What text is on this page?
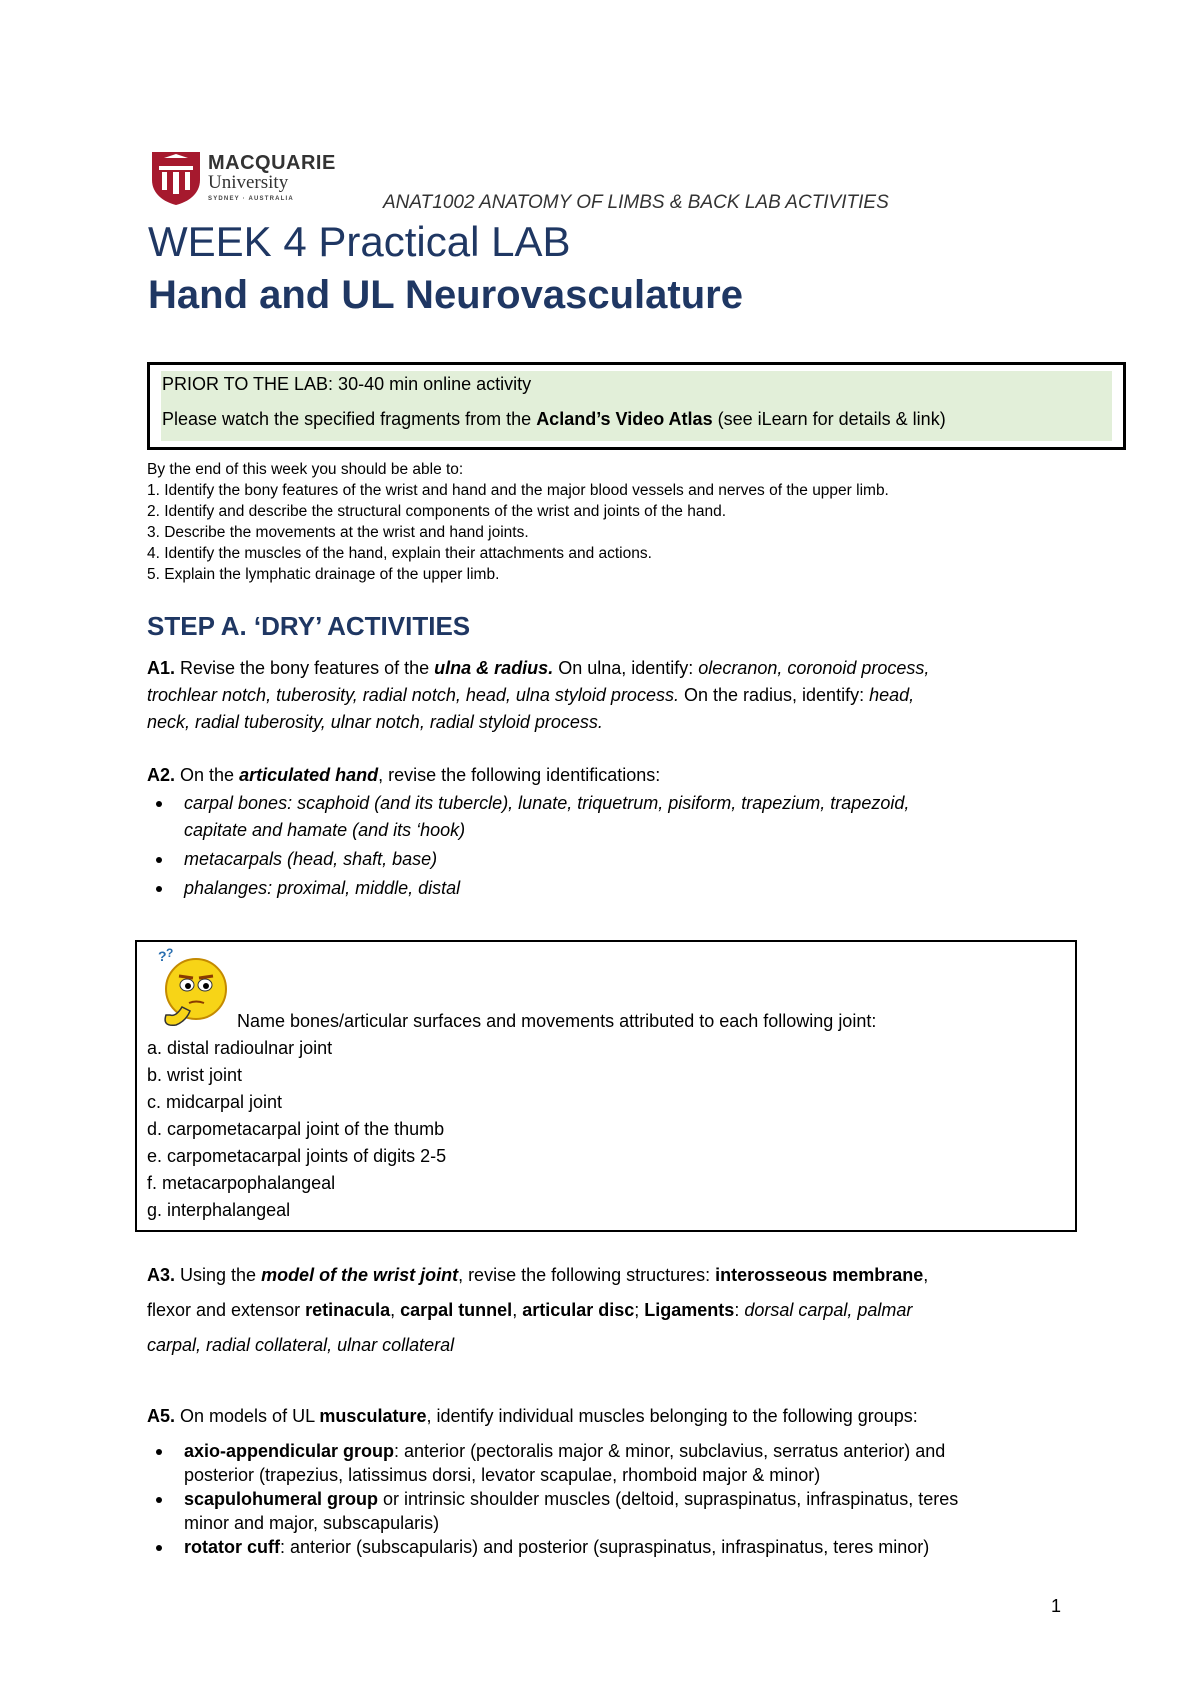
MACQUARIE
University
SYDNEY · AUSTRALIA	ANAT1002 ANATOMY OF LIMBS & BACK LAB ACTIVITIES
WEEK 4 Practical LAB
Hand and UL Neurovasculature
PRIOR TO THE LAB: 30-40 min online activity
Please watch the specified fragments from the Acland’s Video Atlas (see iLearn for details & link)
By the end of this week you should be able to:
1. Identify the bony features of the wrist and hand and the major blood vessels and nerves of the upper limb.
2. Identify and describe the structural components of the wrist and joints of the hand.
3. Describe the movements at the wrist and hand joints.
4. Identify the muscles of the hand, explain their attachments and actions.
5. Explain the lymphatic drainage of the upper limb.
STEP A. ‘DRY’ ACTIVITIES
A1. Revise the bony features of the ulna & radius. On ulna, identify: olecranon, coronoid process,
trochlear notch, tuberosity, radial notch, head, ulna styloid process. On the radius, identify: head,
neck, radial tuberosity, ulnar notch, radial styloid process.
A2. On the articulated hand, revise the following identifications:
carpal bones: scaphoid (and its tubercle), lunate, triquetrum, pisiform, trapezium, trapezoid,
capitate and hamate (and its ‘hook)
metacarpals (head, shaft, base)
phalanges: proximal, middle, distal
? ?
Name bones/articular surfaces and movements attributed to each following joint:
a. distal radioulnar joint
b. wrist joint
c. midcarpal joint
d. carpometacarpal joint of the thumb
e. carpometacarpal joints of digits 2-5
f. metacarpophalangeal
g. interphalangeal
A3. Using the model of the wrist joint, revise the following structures: interosseous membrane,
flexor and extensor retinacula, carpal tunnel, articular disc; Ligaments: dorsal carpal, palmar
carpal, radial collateral, ulnar collateral
A5. On models of UL musculature, identify individual muscles belonging to the following groups:
axio-appendicular group: anterior (pectoralis major & minor, subclavius, serratus anterior) and
posterior (trapezius, latissimus dorsi, levator scapulae, rhomboid major & minor)
scapulohumeral group or intrinsic shoulder muscles (deltoid, supraspinatus, infraspinatus, teres
minor and major, subscapularis)
rotator cuff: anterior (subscapularis) and posterior (supraspinatus, infraspinatus, teres minor)
1
